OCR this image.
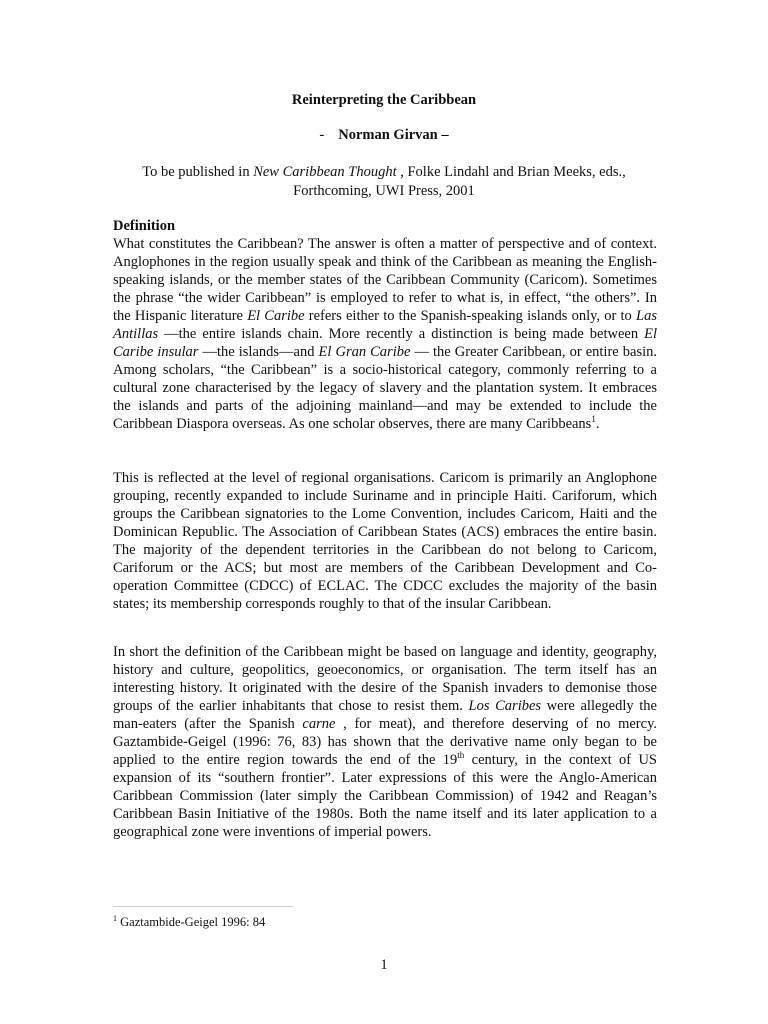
Reinterpreting the Caribbean
- Norman Girvan –
To be published in New Caribbean Thought , Folke Lindahl and Brian Meeks, eds.,
Forthcoming, UWI Press, 2001
Definition

What constitutes the Caribbean? The answer is often a matter of perspective and of context. Anglophones in the region usually speak and think of the Caribbean as meaning the English-speaking islands, or the member states of the Caribbean Community (Caricom). Sometimes the phrase “the wider Caribbean” is employed to refer to what is, in effect, “the others”. In the Hispanic literature El Caribe refers either to the Spanish-speaking islands only, or to Las Antillas —the entire islands chain. More recently a distinction is being made between El Caribe insular —the islands—and El Gran Caribe — the Greater Caribbean, or entire basin. Among scholars, “the Caribbean” is a socio-historical category, commonly referring to a cultural zone characterised by the legacy of slavery and the plantation system. It embraces the islands and parts of the adjoining mainland—and may be extended to include the Caribbean Diaspora overseas. As one scholar observes, there are many Caribbeans$^1$.

This is reflected at the level of regional organisations. Caricom is primarily an Anglophone grouping, recently expanded to include Suriname and in principle Haiti. Cariforum, which groups the Caribbean signatories to the Lome Convention, includes Caricom, Haiti and the Dominican Republic. The Association of Caribbean States (ACS) embraces the entire basin. The majority of the dependent territories in the Caribbean do not belong to Caricom, Cariforum or the ACS; but most are members of the Caribbean Development and Co-operation Committee (CDCC) of ECLAC. The CDCC excludes the majority of the basin states; its membership corresponds roughly to that of the insular Caribbean.

In short the definition of the Caribbean might be based on language and identity, geography, history and culture, geopolitics, geoeconomics, or organisation. The term itself has an interesting history. It originated with the desire of the Spanish invaders to demonise those groups of the earlier inhabitants that chose to resist them. Los Caribes were allegedly the man-eaters (after the Spanish carne , for meat), and therefore deserving of no mercy. Gaztambide-Geigel (1996: 76, 83) has shown that the derivative name only began to be applied to the entire region towards the end of the 19th century, in the context of US expansion of its “southern frontier”. Later expressions of this were the Anglo-American Caribbean Commission (later simply the Caribbean Commission) of 1942 and Reagan’s Caribbean Basin Initiative of the 1980s. Both the name itself and its later application to a geographical zone were inventions of imperial powers.

$^1$ Gaztambide-Geigel 1996: 84
1
